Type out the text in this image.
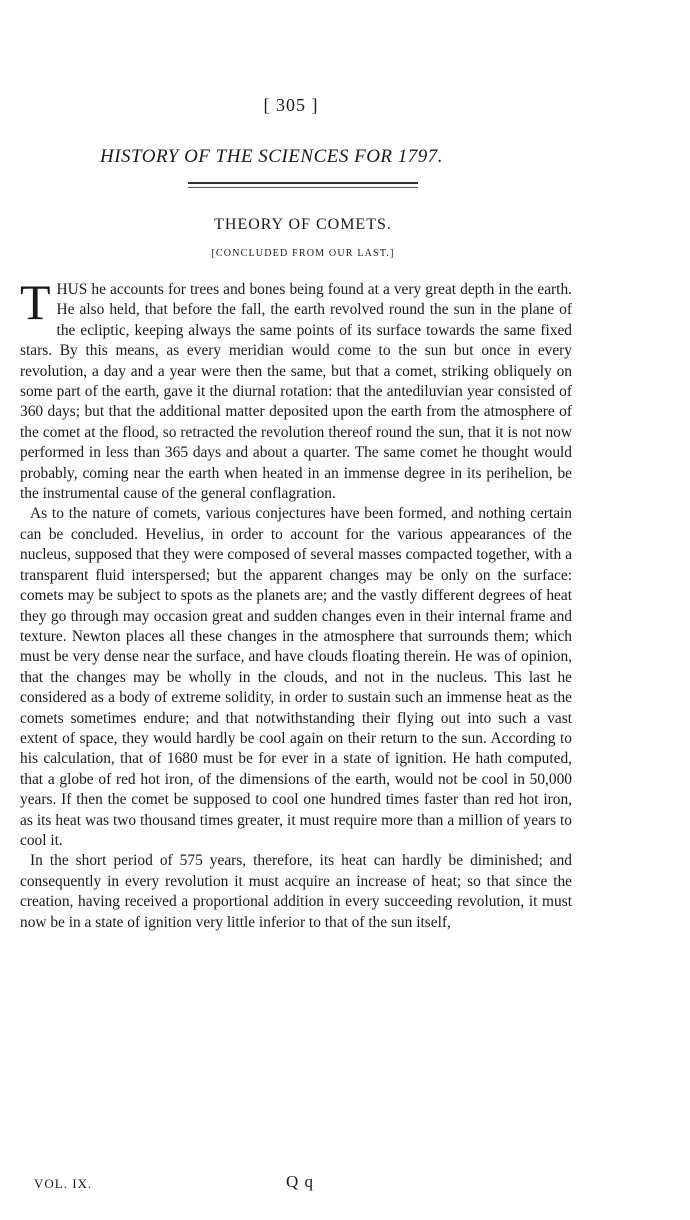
[ 305 ]
HISTORY OF THE SCIENCES FOR 1797.
THEORY OF COMETS.
[CONCLUDED FROM OUR LAST.]

THUS he accounts for trees and bones being found at a very great depth in the earth. He also held, that before the fall, the earth revolved round the sun in the plane of the ecliptic, keeping always the same points of its surface towards the same fixed stars. By this means, as every meridian would come to the sun but once in every revolution, a day and a year were then the same, but that a comet, striking obliquely on some part of the earth, gave it the diurnal rotation: that the antediluvian year consisted of 360 days; but that the additional matter deposited upon the earth from the atmosphere of the comet at the flood, so retracted the revolution thereof round the sun, that it is not now performed in less than 365 days and about a quarter. The same comet he thought would probably, coming near the earth when heated in an immense degree in its perihelion, be the instrumental cause of the general conflagration.

As to the nature of comets, various conjectures have been formed, and nothing certain can be concluded. Hevelius, in order to account for the various appearances of the nucleus, supposed that they were composed of several masses compacted together, with a transparent fluid interspersed; but the apparent changes may be only on the surface: comets may be subject to spots as the planets are; and the vastly different degrees of heat they go through may occasion great and sudden changes even in their internal frame and texture. Newton places all these changes in the atmosphere that surrounds them; which must be very dense near the surface, and have clouds floating therein. He was of opinion, that the changes may be wholly in the clouds, and not in the nucleus. This last he considered as a body of extreme solidity, in order to sustain such an immense heat as the comets sometimes endure; and that notwithstanding their flying out into such a vast extent of space, they would hardly be cool again on their return to the sun. According to his calculation, that of 1680 must be for ever in a state of ignition. He hath computed, that a globe of red hot iron, of the dimensions of the earth, would not be cool in 50,000 years. If then the comet be supposed to cool one hundred times faster than red hot iron, as its heat was two thousand times greater, it must require more than a million of years to cool it.

In the short period of 575 years, therefore, its heat can hardly be diminished; and consequently in every revolution it must acquire an increase of heat; so that since the creation, having received a proportional addition in every succeeding revolution, it must now be in a state of ignition very little inferior to that of the sun itself,

VOL. IX.	Q q
